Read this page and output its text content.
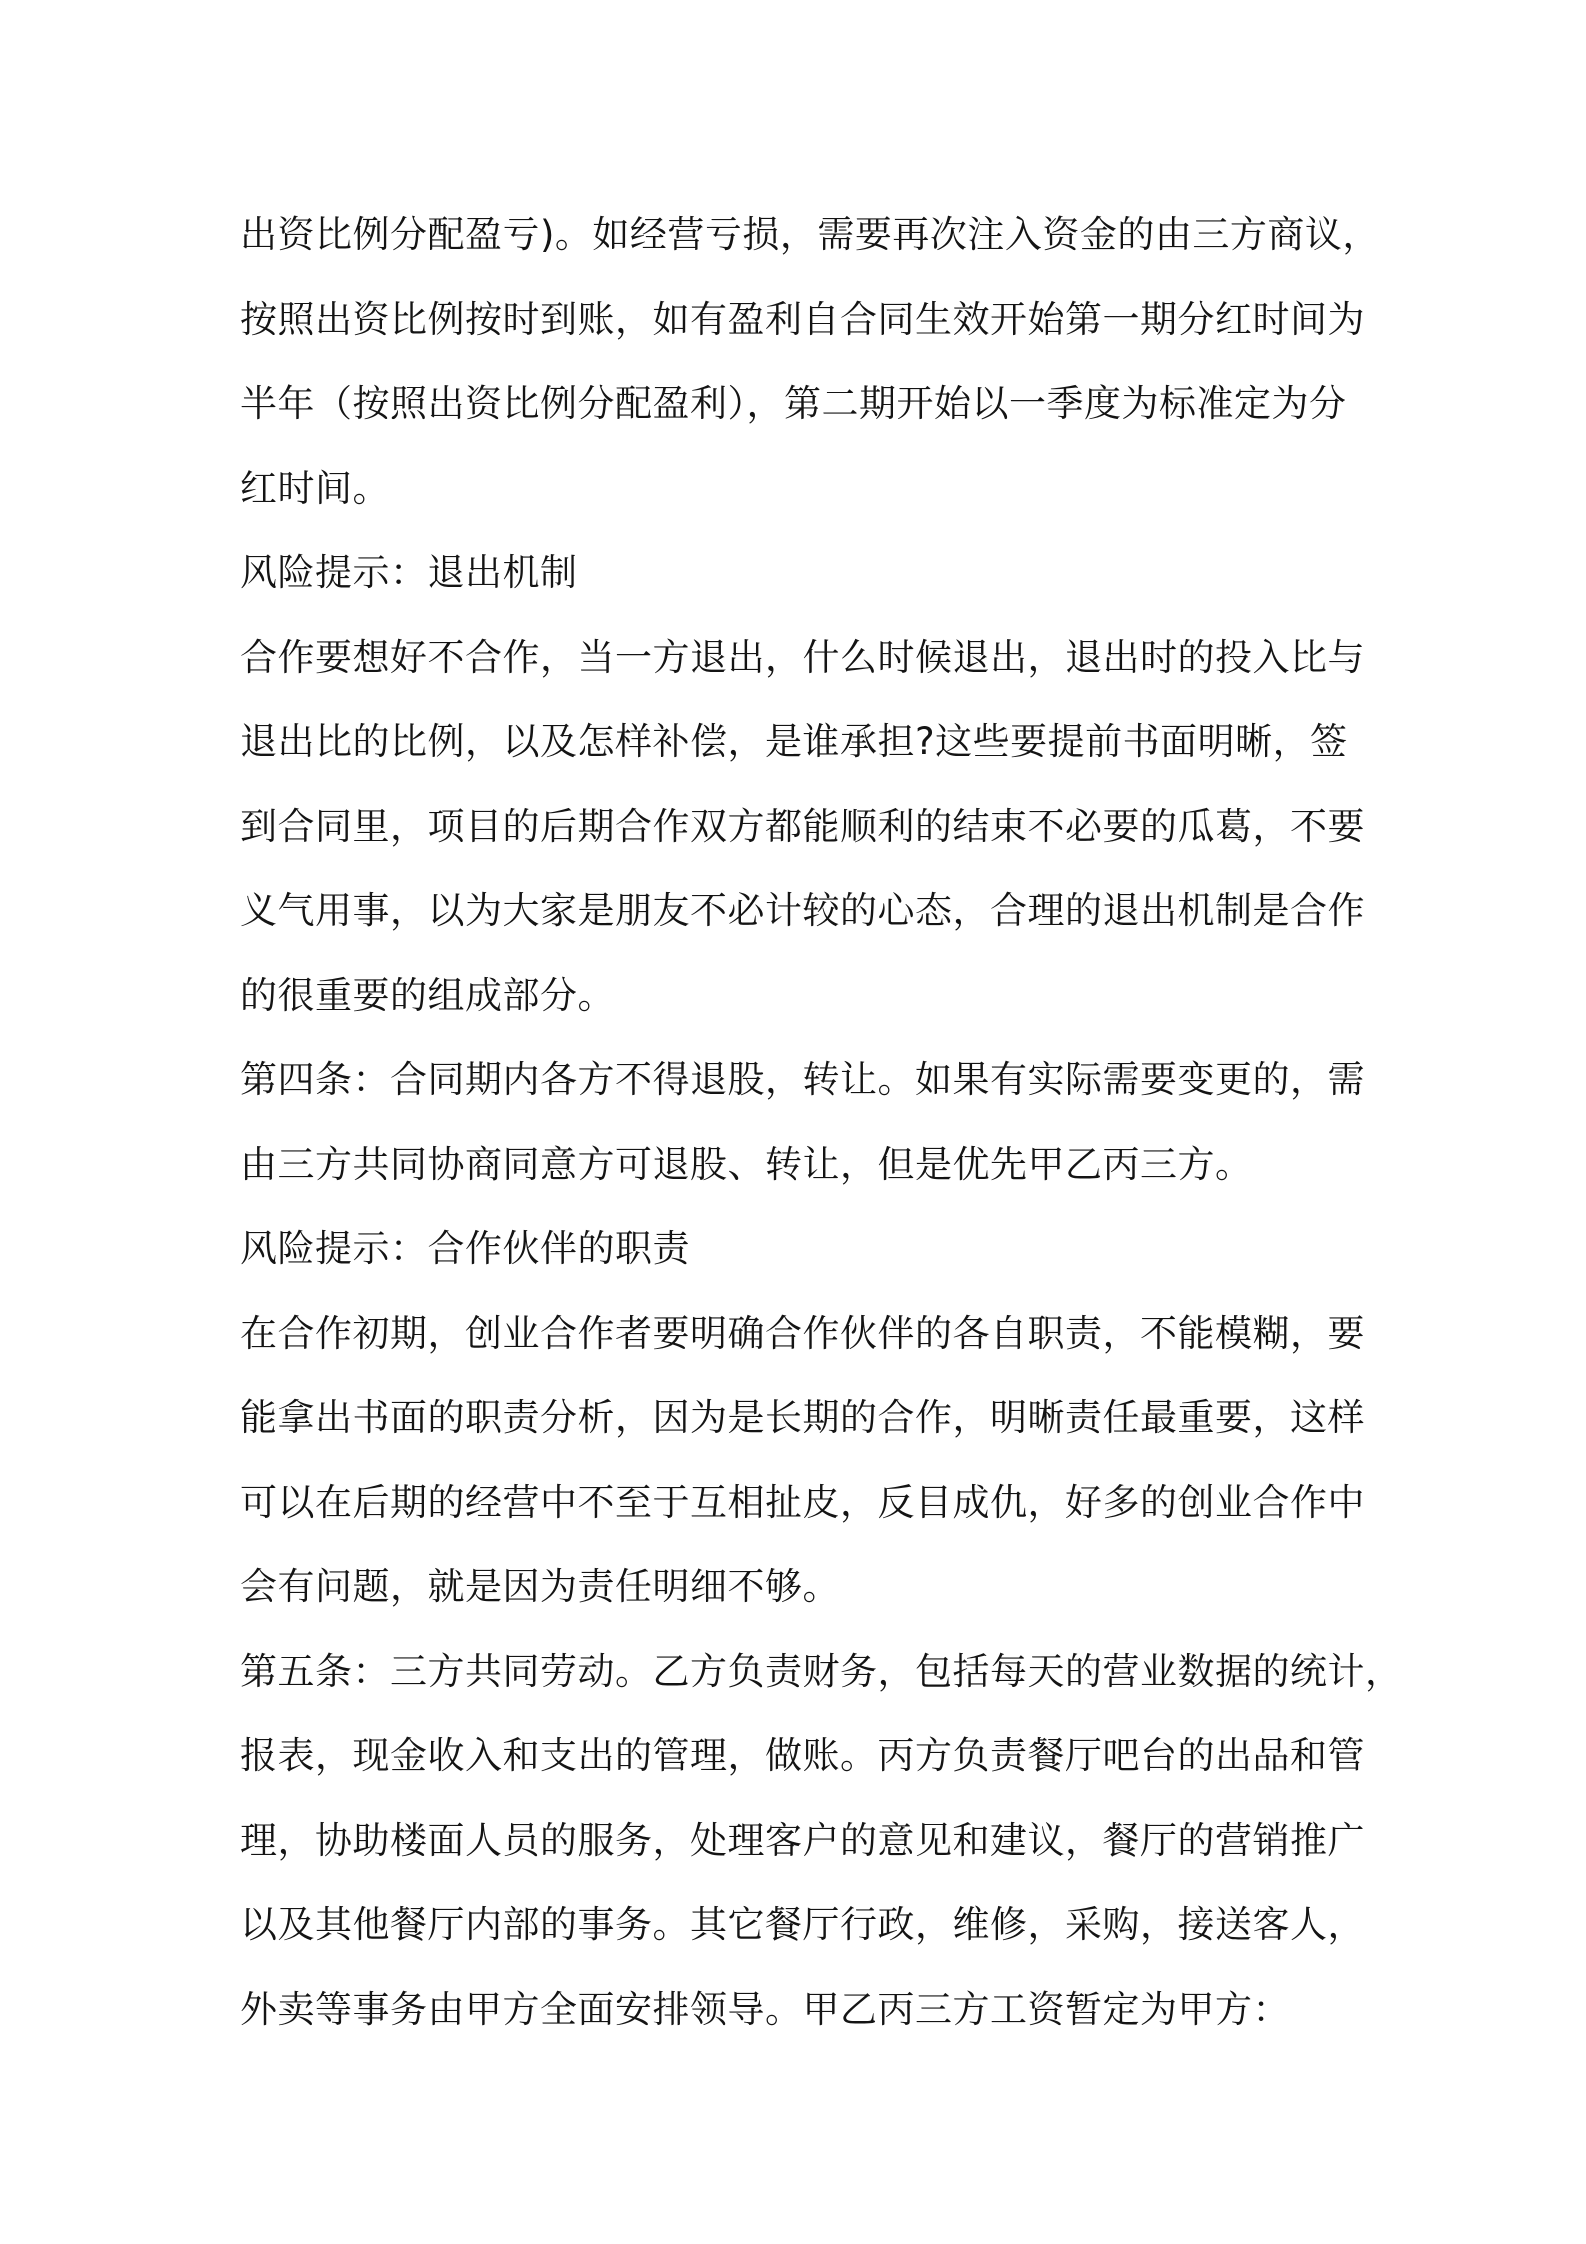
出资比例分配盈亏)。如经营亏损，需要再次注入资金的由三方商议，
按照出资比例按时到账，如有盈利自合同生效开始第一期分红时间为
半年（按照出资比例分配盈利），第二期开始以一季度为标准定为分
红时间。
风险提示：退出机制
合作要想好不合作，当一方退出，什么时候退出，退出时的投入比与
退出比的比例，以及怎样补偿，是谁承担?这些要提前书面明晰，签
到合同里，项目的后期合作双方都能顺利的结束不必要的瓜葛，不要
义气用事，以为大家是朋友不必计较的心态，合理的退出机制是合作
的很重要的组成部分。
第四条：合同期内各方不得退股，转让。如果有实际需要变更的，需
由三方共同协商同意方可退股、转让，但是优先甲乙丙三方。
风险提示：合作伙伴的职责
在合作初期，创业合作者要明确合作伙伴的各自职责，不能模糊，要
能拿出书面的职责分析，因为是长期的合作，明晰责任最重要，这样
可以在后期的经营中不至于互相扯皮，反目成仇，好多的创业合作中
会有问题，就是因为责任明细不够。
第五条：三方共同劳动。乙方负责财务，包括每天的营业数据的统计，
报表，现金收入和支出的管理，做账。丙方负责餐厅吧台的出品和管
理，协助楼面人员的服务，处理客户的意见和建议，餐厅的营销推广
以及其他餐厅内部的事务。其它餐厅行政，维修，采购，接送客人，
外卖等事务由甲方全面安排领导。甲乙丙三方工资暂定为甲方：
